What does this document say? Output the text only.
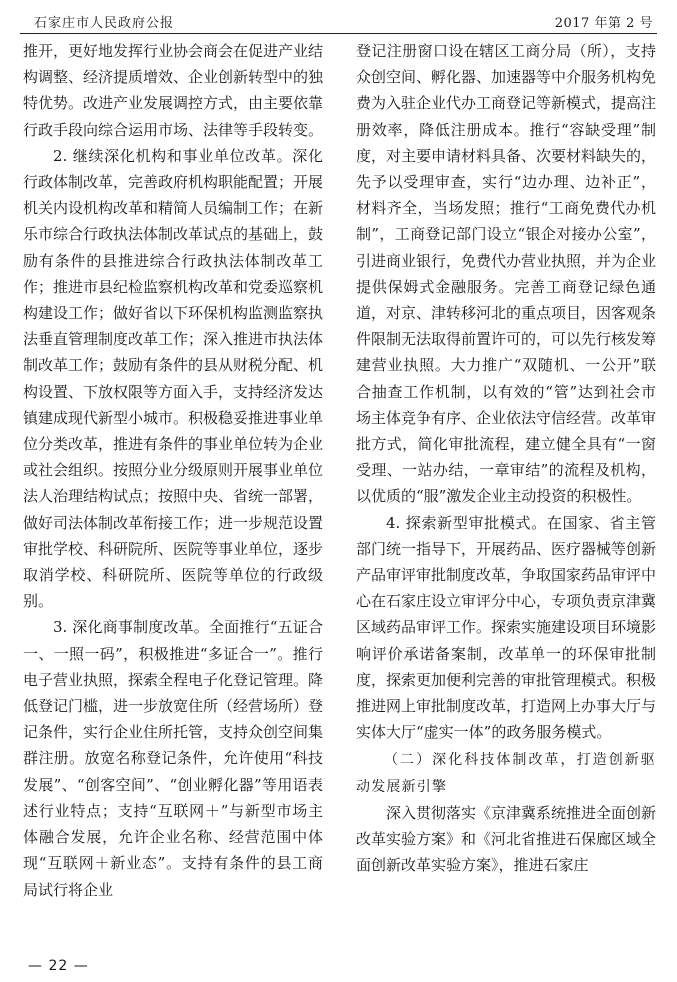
石家庄市人民政府公报	2017 年第 2 号

推开，更好地发挥行业协会商会在促进产业结构调整、经济提质增效、企业创新转型中的独特优势。改进产业发展调控方式，由主要依靠行政手段向综合运用市场、法律等手段转变。

2. 继续深化机构和事业单位改革。深化行政体制改革，完善政府机构职能配置；开展机关内设机构改革和精简人员编制工作；在新乐市综合行政执法体制改革试点的基础上，鼓励有条件的县推进综合行政执法体制改革工作；推进市县纪检监察机构改革和党委巡察机构建设工作；做好省以下环保机构监测监察执法垂直管理制度改革工作；深入推进市执法体制改革工作；鼓励有条件的县从财税分配、机构设置、下放权限等方面入手，支持经济发达镇建成现代新型小城市。积极稳妥推进事业单位分类改革，推进有条件的事业单位转为企业或社会组织。按照分业分级原则开展事业单位法人治理结构试点；按照中央、省统一部署，做好司法体制改革衔接工作；进一步规范设置审批学校、科研院所、医院等事业单位，逐步取消学校、科研院所、医院等单位的行政级别。

3. 深化商事制度改革。全面推行“五证合一、一照一码”，积极推进“多证合一”。推行电子营业执照，探索全程电子化登记管理。降低登记门槛，进一步放宽住所（经营场所）登记条件，实行企业住所托管，支持众创空间集群注册。放宽名称登记条件，允许使用“科技发展”、“创客空间”、“创业孵化器”等用语表述行业特点；支持“互联网＋”与新型市场主体融合发展，允许企业名称、经营范围中体现“互联网＋新业态”。支持有条件的县工商局试行将企业

登记注册窗口设在辖区工商分局（所），支持众创空间、孵化器、加速器等中介服务机构免费为入驻企业代办工商登记等新模式，提高注册效率，降低注册成本。推行“容缺受理”制度，对主要申请材料具备、次要材料缺失的，先予以受理审查，实行“边办理、边补正”，材料齐全，当场发照；推行“工商免费代办机制”，工商登记部门设立“银企对接办公室”，引进商业银行，免费代办营业执照，并为企业提供保姆式金融服务。完善工商登记绿色通道，对京、津转移河北的重点项目，因客观条件限制无法取得前置许可的，可以先行核发筹建营业执照。大力推广“双随机、一公开”联合抽查工作机制，以有效的“管”达到社会市场主体竞争有序、企业依法守信经营。改革审批方式，简化审批流程，建立健全具有“一窗受理、一站办结，一章审结”的流程及机构，以优质的“服”激发企业主动投资的积极性。

4. 探索新型审批模式。在国家、省主管部门统一指导下，开展药品、医疗器械等创新产品审评审批制度改革，争取国家药品审评中心在石家庄设立审评分中心，专项负责京津冀区域药品审评工作。探索实施建设项目环境影响评价承诺备案制，改革单一的环保审批制度，探索更加便利完善的审批管理模式。积极推进网上审批制度改革，打造网上办事大厅与实体大厅“虚实一体”的政务服务模式。

（二）深化科技体制改革，打造创新驱动发展新引擎

深入贯彻落实《京津冀系统推进全面创新改革实验方案》和《河北省推进石保廊区域全面创新改革实验方案》，推进石家庄

— 22 —
